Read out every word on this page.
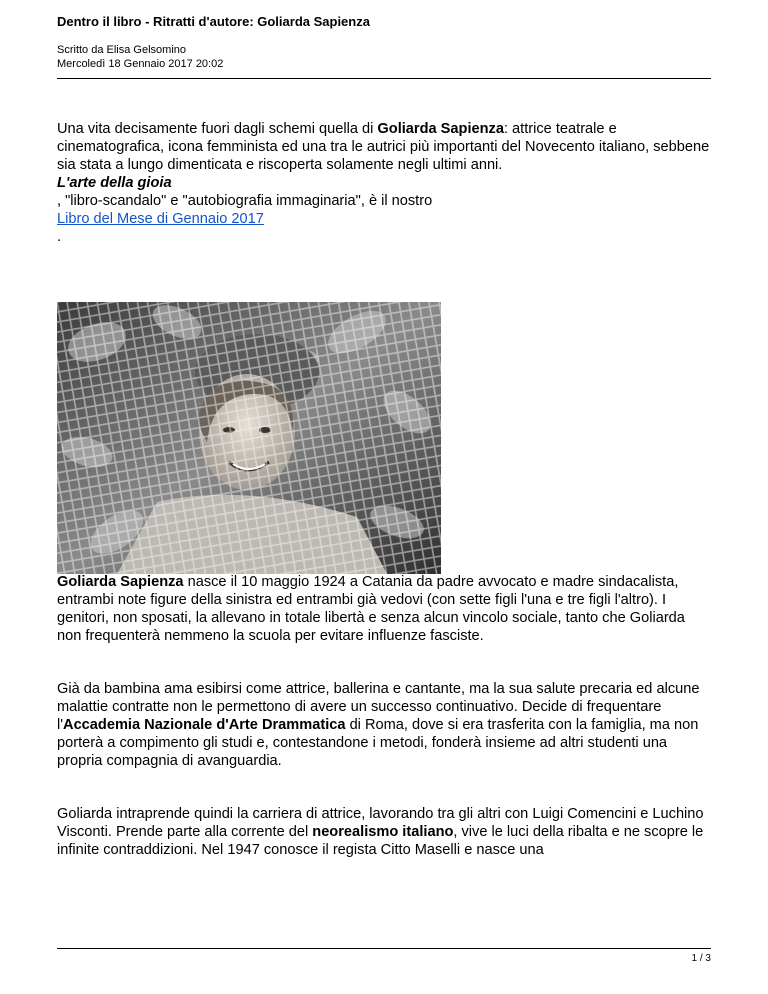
Dentro il libro - Ritratti d'autore: Goliarda Sapienza

Scritto da Elisa Gelsomino
Mercoledì 18 Gennaio 2017 20:02

Una vita decisamente fuori dagli schemi quella di Goliarda Sapienza: attrice teatrale e cinematografica, icona femminista ed una tra le autrici più importanti del Novecento italiano, sebbene sia stata a lungo dimenticata e riscoperta solamente negli ultimi anni.

L'arte della gioia

, "libro-scandalo" e "autobiografia immaginaria", è il nostro

Libro del Mese di Gennaio 2017

.

Goliarda Sapienza nasce il 10 maggio 1924 a Catania da padre avvocato e madre sindacalista, entrambi note figure della sinistra ed entrambi già vedovi (con sette figli l'una e tre figli l'altro). I genitori, non sposati, la allevano in totale libertà e senza alcun vincolo sociale, tanto che Goliarda non frequenterà nemmeno la scuola per evitare influenze fasciste.

Già da bambina ama esibirsi come attrice, ballerina e cantante, ma la sua salute precaria ed alcune malattie contratte non le permettono di avere un successo continuativo. Decide di frequentare l'Accademia Nazionale d'Arte Drammatica di Roma, dove si era trasferita con la famiglia, ma non porterà a compimento gli studi e, contestandone i metodi, fonderà insieme ad altri studenti una propria compagnia di avanguardia.

Goliarda intraprende quindi la carriera di attrice, lavorando tra gli altri con Luigi Comencini e Luchino Visconti. Prende parte alla corrente del neorealismo italiano, vive le luci della ribalta e ne scopre le infinite contraddizioni. Nel 1947 conosce il regista Citto Maselli e nasce una

1 / 3
